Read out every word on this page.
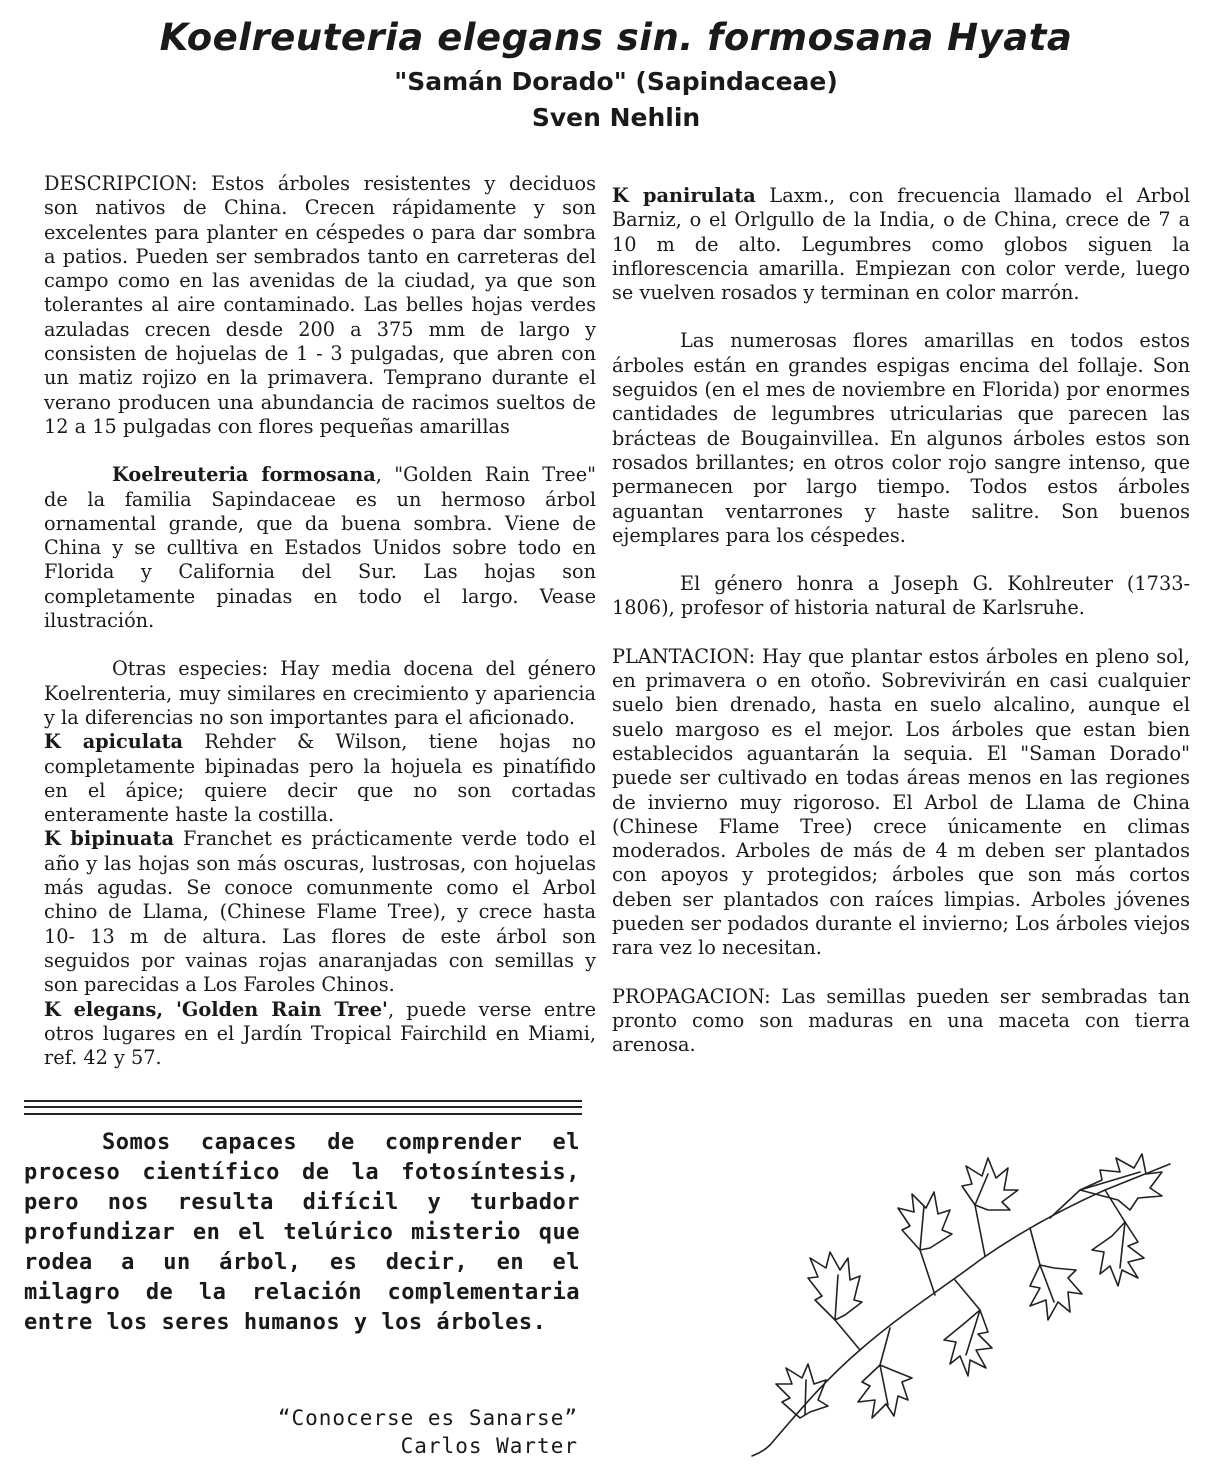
Koelreuteria elegans sin. formosana Hyata

"Samán Dorado" (Sapindaceae)

Sven Nehlin

DESCRIPCION: Estos árboles resistentes y deciduos son nativos de China. Crecen rápidamente y son excelentes para planter en céspedes o para dar sombra a patios. Pueden ser sembrados tanto en carreteras del campo como en las avenidas de la ciudad, ya que son tolerantes al aire contaminado. Las belles hojas verdes azuladas crecen desde 200 a 375 mm de largo y consisten de hojuelas de 1 - 3 pulgadas, que abren con un matiz rojizo en la primavera. Temprano durante el verano producen una abundancia de racimos sueltos de 12 a 15 pulgadas con flores pequeñas amarillas

Koelreuteria formosana, "Golden Rain Tree" de la familia Sapindaceae es un hermoso árbol ornamental grande, que da buena sombra. Viene de China y se culltiva en Estados Unidos sobre todo en Florida y California del Sur. Las hojas son completamente pinadas en todo el largo. Vease ilustración.

Otras especies: Hay media docena del género Koelrenteria, muy similares en crecimiento y apariencia y la diferencias no son importantes para el aficionado.

K apiculata Rehder & Wilson, tiene hojas no completamente bipinadas pero la hojuela es pinatífido en el ápice; quiere decir que no son cortadas enteramente haste la costilla.

K bipinuata Franchet es prácticamente verde todo el año y las hojas son más oscuras, lustrosas, con hojuelas más agudas. Se conoce comunmente como el Arbol chino de Llama, (Chinese Flame Tree), y crece hasta 10- 13 m de altura. Las flores de este árbol son seguidos por vainas rojas anaranjadas con semillas y son parecidas a Los Faroles Chinos.

K elegans, 'Golden Rain Tree', puede verse entre otros lugares en el Jardín Tropical Fairchild en Miami, ref. 42 y 57.

K panirulata Laxm., con frecuencia llamado el Arbol Barniz, o el Orlgullo de la India, o de China, crece de 7 a 10 m de alto. Legumbres como globos siguen la inflorescencia amarilla. Empiezan con color verde, luego se vuelven rosados y terminan en color marrón.

Las numerosas flores amarillas en todos estos árboles están en grandes espigas encima del follaje. Son seguidos (en el mes de noviembre en Florida) por enormes cantidades de legumbres utricularias que parecen las brácteas de Bougainvillea. En algunos árboles estos son rosados brillantes; en otros color rojo sangre intenso, que permanecen por largo tiempo. Todos estos árboles aguantan ventarrones y haste salitre. Son buenos ejemplares para los céspedes.

El género honra a Joseph G. Kohlreuter (1733-1806), profesor of historia natural de Karlsruhe.

PLANTACION: Hay que plantar estos árboles en pleno sol, en primavera o en otoño. Sobrevivirán en casi cualquier suelo bien drenado, hasta en suelo alcalino, aunque el suelo margoso es el mejor. Los árboles que estan bien establecidos aguantarán la sequia. El "Saman Dorado" puede ser cultivado en todas áreas menos en las regiones de invierno muy rigoroso. El Arbol de Llama de China (Chinese Flame Tree) crece únicamente en climas moderados. Arboles de más de 4 m deben ser plantados con apoyos y protegidos; árboles que son más cortos deben ser plantados con raíces limpias. Arboles jóvenes pueden ser podados durante el invierno; Los árboles viejos rara vez lo necesitan.

PROPAGACION: Las semillas pueden ser sembradas tan pronto como son maduras en una maceta con tierra arenosa.

Somos capaces de comprender el proceso científico de la fotosíntesis, pero nos resulta difícil y turbador profundizar en el telúrico misterio que rodea a un árbol, es decir, en el milagro de la relación complementaria entre los seres humanos y los árboles.

“Conocerse es Sanarse”
Carlos Warter
